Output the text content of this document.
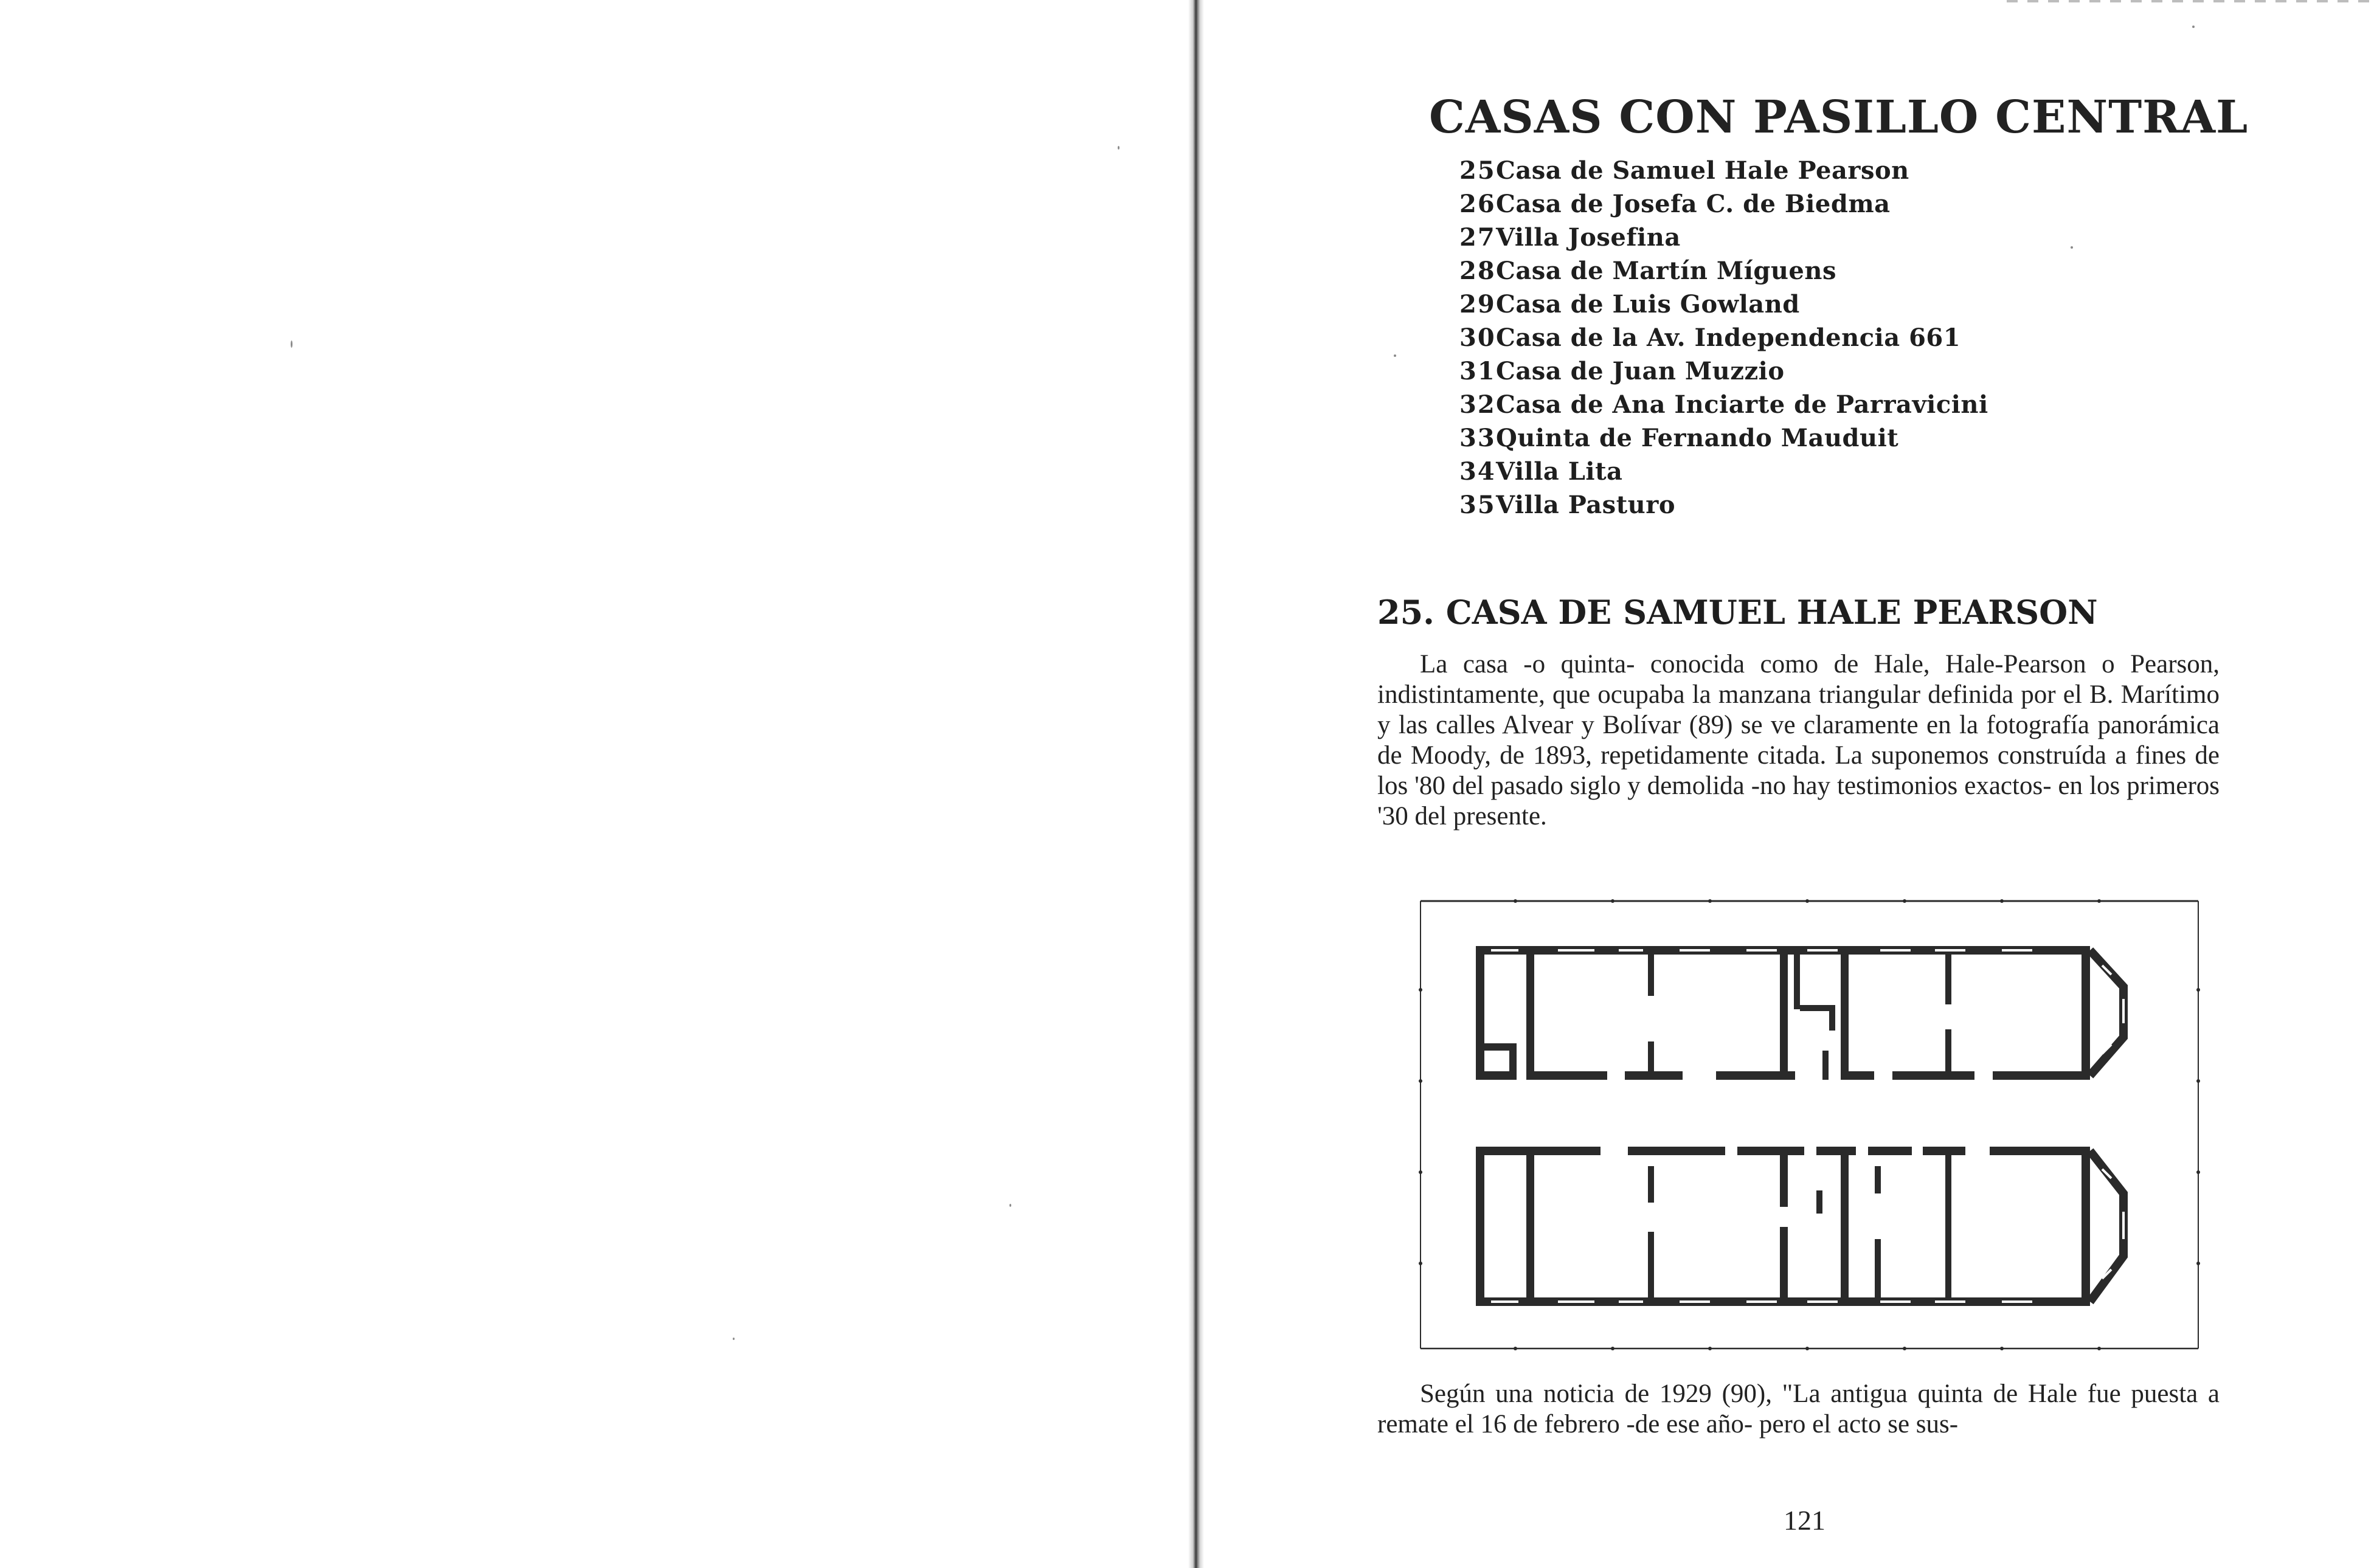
CASAS CON PASILLO CENTRAL
25 Casa de Samuel Hale Pearson
26 Casa de Josefa C. de Biedma
27 Villa Josefina
28 Casa de Martín Míguens
29 Casa de Luis Gowland
30 Casa de la Av. Independencia 661
31 Casa de Juan Muzzio
32 Casa de Ana Inciarte de Parravicini
33 Quinta de Fernando Mauduit
34 Villa Lita
35 Villa Pasturo
25. CASA DE SAMUEL HALE PEARSON

La casa -o quinta- conocida como de Hale, Hale-Pearson o Pearson, indistintamente, que ocupaba la manzana triangular definida por el B. Marítimo y las calles Alvear y Bolívar (89) se ve claramente en la fotografía panorámica de Moody, de 1893, repetidamente citada. La suponemos construída a fines de los '80 del pasado siglo y demolida -no hay testimonios exactos- en los primeros '30 del presente.

Según una noticia de 1929 (90), "La antigua quinta de Hale fue puesta a remate el 16 de febrero -de ese año- pero el acto se sus-

121
